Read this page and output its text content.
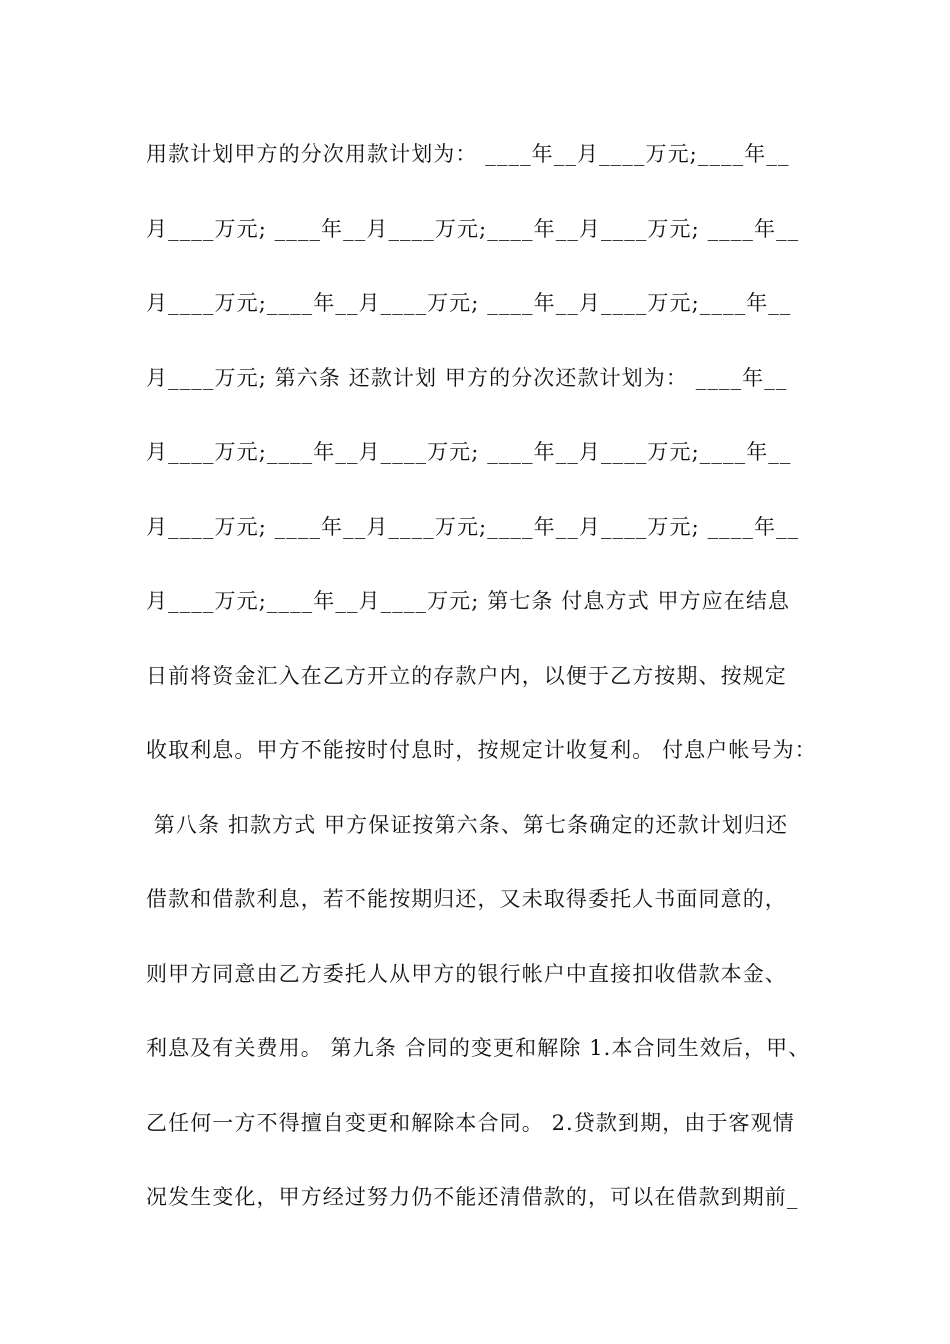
用款计划甲方的分次用款计划为： ____年__月____万元;____年__
月____万元; ____年__月____万元;____年__月____万元; ____年__
月____万元;____年__月____万元; ____年__月____万元;____年__
月____万元; 第六条 还款计划 甲方的分次还款计划为： ____年__
月____万元;____年__月____万元; ____年__月____万元;____年__
月____万元; ____年__月____万元;____年__月____万元; ____年__
月____万元;____年__月____万元; 第七条 付息方式 甲方应在结息
日前将资金汇入在乙方开立的存款户内，以便于乙方按期、按规定
收取利息。甲方不能按时付息时，按规定计收复利。 付息户帐号为：
第八条 扣款方式 甲方保证按第六条、第七条确定的还款计划归还
借款和借款利息，若不能按期归还，又未取得委托人书面同意的，
则甲方同意由乙方委托人从甲方的银行帐户中直接扣收借款本金、
利息及有关费用。 第九条 合同的变更和解除 1.本合同生效后，甲、
乙任何一方不得擅自变更和解除本合同。 2.贷款到期，由于客观情
况发生变化，甲方经过努力仍不能还清借款的，可以在借款到期前_
